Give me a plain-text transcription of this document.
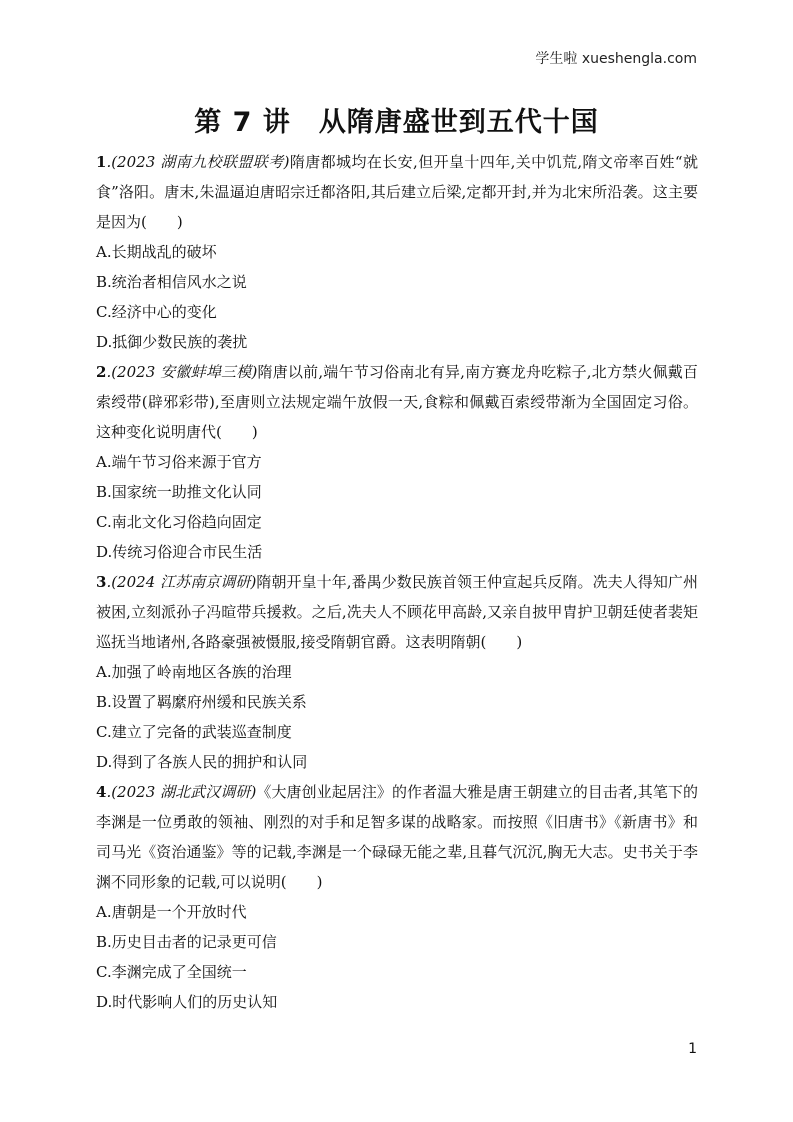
学生啦 xueshengla.com
第 7 讲　从隋唐盛世到五代十国

1.(2023 湖南九校联盟联考)隋唐都城均在长安,但开皇十四年,关中饥荒,隋文帝率百姓“就食”洛阳。唐末,朱温逼迫唐昭宗迁都洛阳,其后建立后梁,定都开封,并为北宋所沿袭。这主要是因为(　　)

A.长期战乱的破坏

B.统治者相信风水之说

C.经济中心的变化

D.抵御少数民族的袭扰

2.(2023 安徽蚌埠三模)隋唐以前,端午节习俗南北有异,南方赛龙舟吃粽子,北方禁火佩戴百索绶带(辟邪彩带),至唐则立法规定端午放假一天,食粽和佩戴百索绶带渐为全国固定习俗。这种变化说明唐代(　　)

A.端午节习俗来源于官方

B.国家统一助推文化认同

C.南北文化习俗趋向固定

D.传统习俗迎合市民生活

3.(2024 江苏南京调研)隋朝开皇十年,番禺少数民族首领王仲宣起兵反隋。冼夫人得知广州被困,立刻派孙子冯暄带兵援救。之后,冼夫人不顾花甲高龄,又亲自披甲胄护卫朝廷使者裴矩巡抚当地诸州,各路豪强被慑服,接受隋朝官爵。这表明隋朝(　　)

A.加强了岭南地区各族的治理

B.设置了羁縻府州缓和民族关系

C.建立了完备的武装巡查制度

D.得到了各族人民的拥护和认同

4.(2023 湖北武汉调研)《大唐创业起居注》的作者温大雅是唐王朝建立的目击者,其笔下的李渊是一位勇敢的领袖、刚烈的对手和足智多谋的战略家。而按照《旧唐书》《新唐书》和司马光《资治通鉴》等的记载,李渊是一个碌碌无能之辈,且暮气沉沉,胸无大志。史书关于李渊不同形象的记载,可以说明(　　)

A.唐朝是一个开放时代

B.历史目击者的记录更可信

C.李渊完成了全国统一

D.时代影响人们的历史认知

1
